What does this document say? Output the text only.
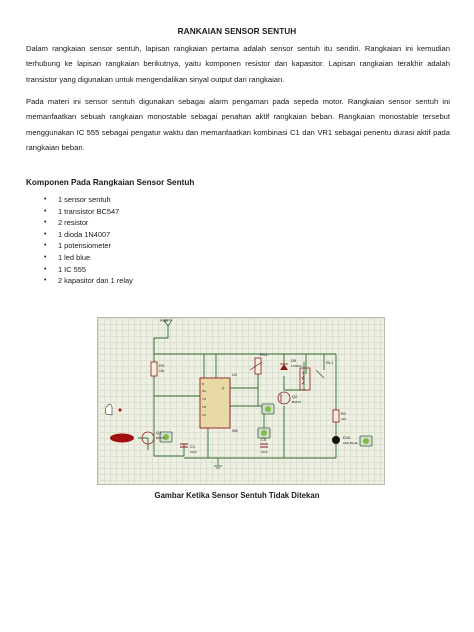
RANKAIAN SENSOR SENTUH
Dalam rangkaian sensor sentuh, lapisan rangkaian pertama adalah sensor sentuh itu sendiri. Rangkaian ini kemudian terhubung ke lapisan rangkaian berikutnya, yaitu komponen resistor dan kapasitor. Lapisan rangkaian terakhir adalah transistor yang digunakan untuk mengendalikan sinyal output dari rangkaian.
Pada materi ini sensor sentuh digunakan sebagai alarm pengaman pada sepeda motor. Rangkaian sensor sentuh ini memanfaatkan sebuah rangkaian monostable sebagai penahan aktif rangkaian beban. Rangkaian monostable tersebut menggunakan IC 555 sebagai pengatur waktu dan memanfaatkan kombinasi C1 dan VR1 sebagai penentu durasi aktif pada rangkaian beban.
Komponen Pada Rangkaian Sensor Sentuh
• 1 sensor sentuh
• 1 transistor BC547
• 2 resistor
• 1 dioda 1N4007
• 1 potensiometer
• 1 led blue
• 1 IC 555
• 2 kapasitor dan 1 relay
R3
10k
PWR
U2
555
R
DC
Q
TH
TR
CV
RV1
D5
1N4007
RL1
Q2
BC547
Q1
BC547
C1
10uF
C5
10nF
R1
220
D10
LED-BLUE
Gambar Ketika Sensor Sentuh Tidak Ditekan
